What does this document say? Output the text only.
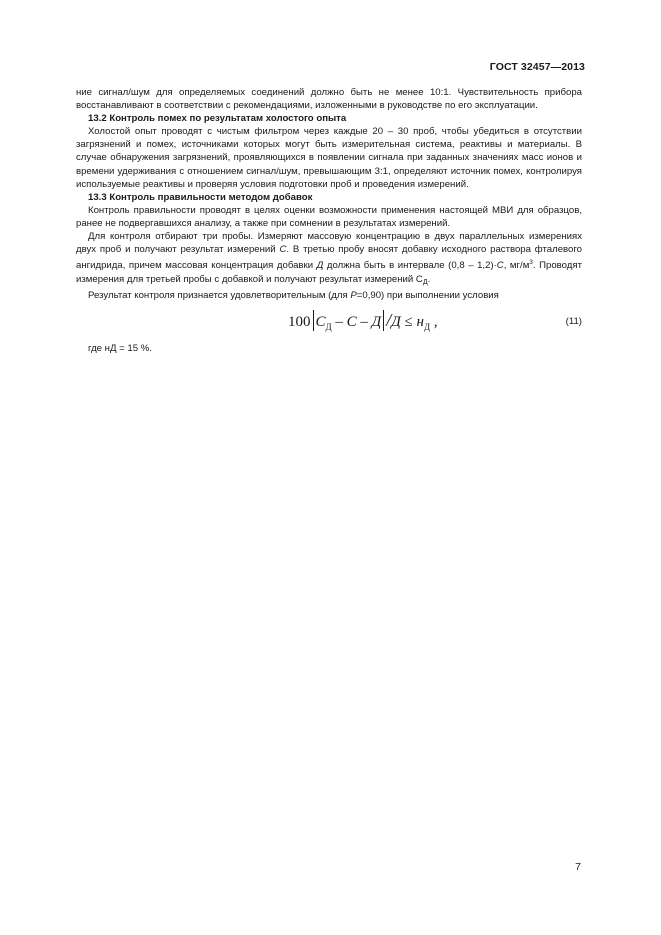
ГОСТ 32457—2013

ние сигнал/шум для определяемых соединений должно быть не менее 10:1. Чувствительность прибора восстанавливают в соответствии с рекомендациями, изложенными в руководстве по его эксплуатации.

13.2 Контроль помех по результатам холостого опыта

Холостой опыт проводят с чистым фильтром через каждые 20 – 30 проб, чтобы убедиться в отсутствии загрязнений и помех, источниками которых могут быть измерительная система, реактивы и материалы. В случае обнаружения загрязнений, проявляющихся в появлении сигнала при заданных значениях масс ионов и времени удерживания с отношением сигнал/шум, превышающим 3:1, определяют источник помех, контролируя используемые реактивы и проверяя условия подготовки проб и проведения измерений.

13.3 Контроль правильности методом добавок

Контроль правильности проводят в целях оценки возможности применения настоящей МВИ для образцов, ранее не подвергавшихся анализу, а также при сомнении в результатах измерений.

Для контроля отбирают три пробы. Измеряют массовую концентрацию в двух параллельных измерениях двух проб и получают результат измерений С. В третью пробу вносят добавку исходного раствора фталевого ангидрида, причем массовая концентрация добавки Д должна быть в интервале (0,8 – 1,2)·С, $мг/м^3$. Проводят измерения для третьей пробы с добавкой и получают результат измерений $С_Д$.

Результат контроля признается удовлетворительным (для P=0,90) при выполнении условия

100 $C_Д$ – C – Д $/Д \le н_Д$ ,	(11)

где нД = 15 %.

7
